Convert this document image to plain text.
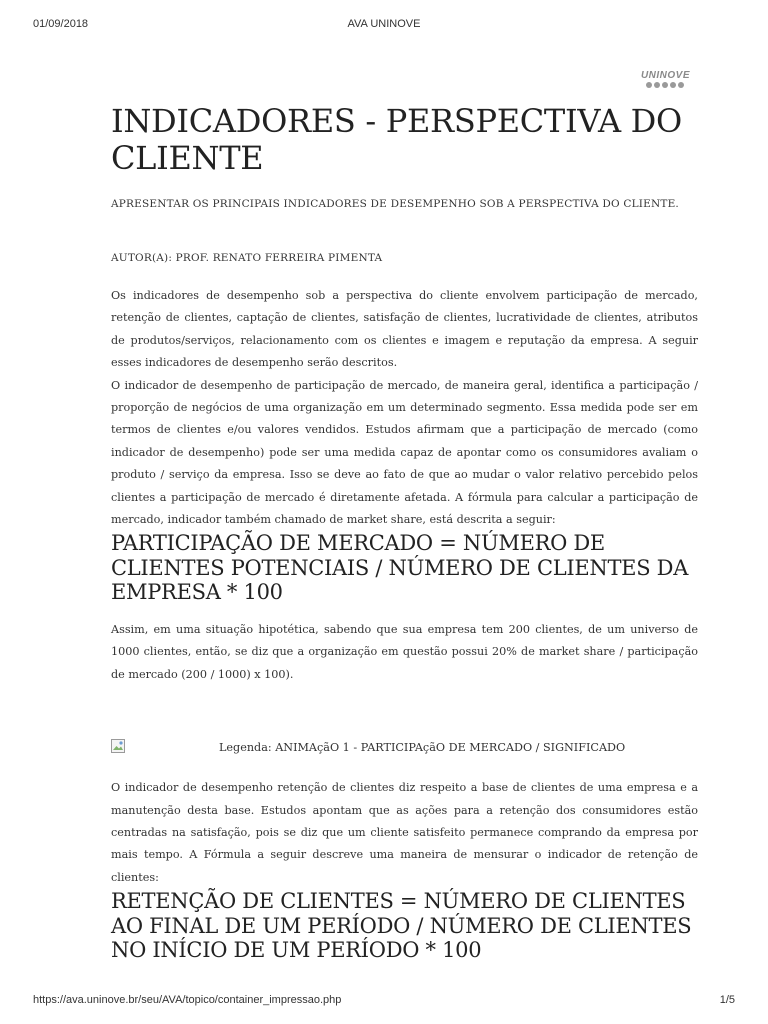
01/09/2018	AVA UNINOVE
UNINOVE
INDICADORES - PERSPECTIVA DO CLIENTE
APRESENTAR OS PRINCIPAIS INDICADORES DE DESEMPENHO SOB A PERSPECTIVA DO CLIENTE.
AUTOR(A): PROF. RENATO FERREIRA PIMENTA

Os indicadores de desempenho sob a perspectiva do cliente envolvem participação de mercado, retenção de clientes, captação de clientes, satisfação de clientes, lucratividade de clientes, atributos de produtos/serviços, relacionamento com os clientes e imagem e reputação da empresa. A seguir esses indicadores de desempenho serão descritos.

O indicador de desempenho de participação de mercado, de maneira geral, identifica a participação / proporção de negócios de uma organização em um determinado segmento. Essa medida pode ser em termos de clientes e/ou valores vendidos. Estudos afirmam que a participação de mercado (como indicador de desempenho) pode ser uma medida capaz de apontar como os consumidores avaliam o produto / serviço da empresa. Isso se deve ao fato de que ao mudar o valor relativo percebido pelos clientes a participação de mercado é diretamente afetada. A fórmula para calcular a participação de mercado, indicador também chamado de market share, está descrita a seguir:

PARTICIPAÇÃO DE MERCADO = NÚMERO DE CLIENTES POTENCIAIS / NÚMERO DE CLIENTES DA EMPRESA * 100

Assim, em uma situação hipotética, sabendo que sua empresa tem 200 clientes, de um universo de 1000 clientes, então, se diz que a organização em questão possui 20% de market share / participação de mercado (200 / 1000) x 100).

Legenda: ANIMAçãO 1 - PARTICIPAçãO DE MERCADO / SIGNIFICADO

O indicador de desempenho retenção de clientes diz respeito a base de clientes de uma empresa e a manutenção desta base. Estudos apontam que as ações para a retenção dos consumidores estão centradas na satisfação, pois se diz que um cliente satisfeito permanece comprando da empresa por mais tempo. A Fórmula a seguir descreve uma maneira de mensurar o indicador de retenção de clientes:

RETENÇÃO DE CLIENTES = NÚMERO DE CLIENTES AO FINAL DE UM PERÍODO / NÚMERO DE CLIENTES NO INÍCIO DE UM PERÍODO * 100
https://ava.uninove.br/seu/AVA/topico/container_impressao.php	1/5
